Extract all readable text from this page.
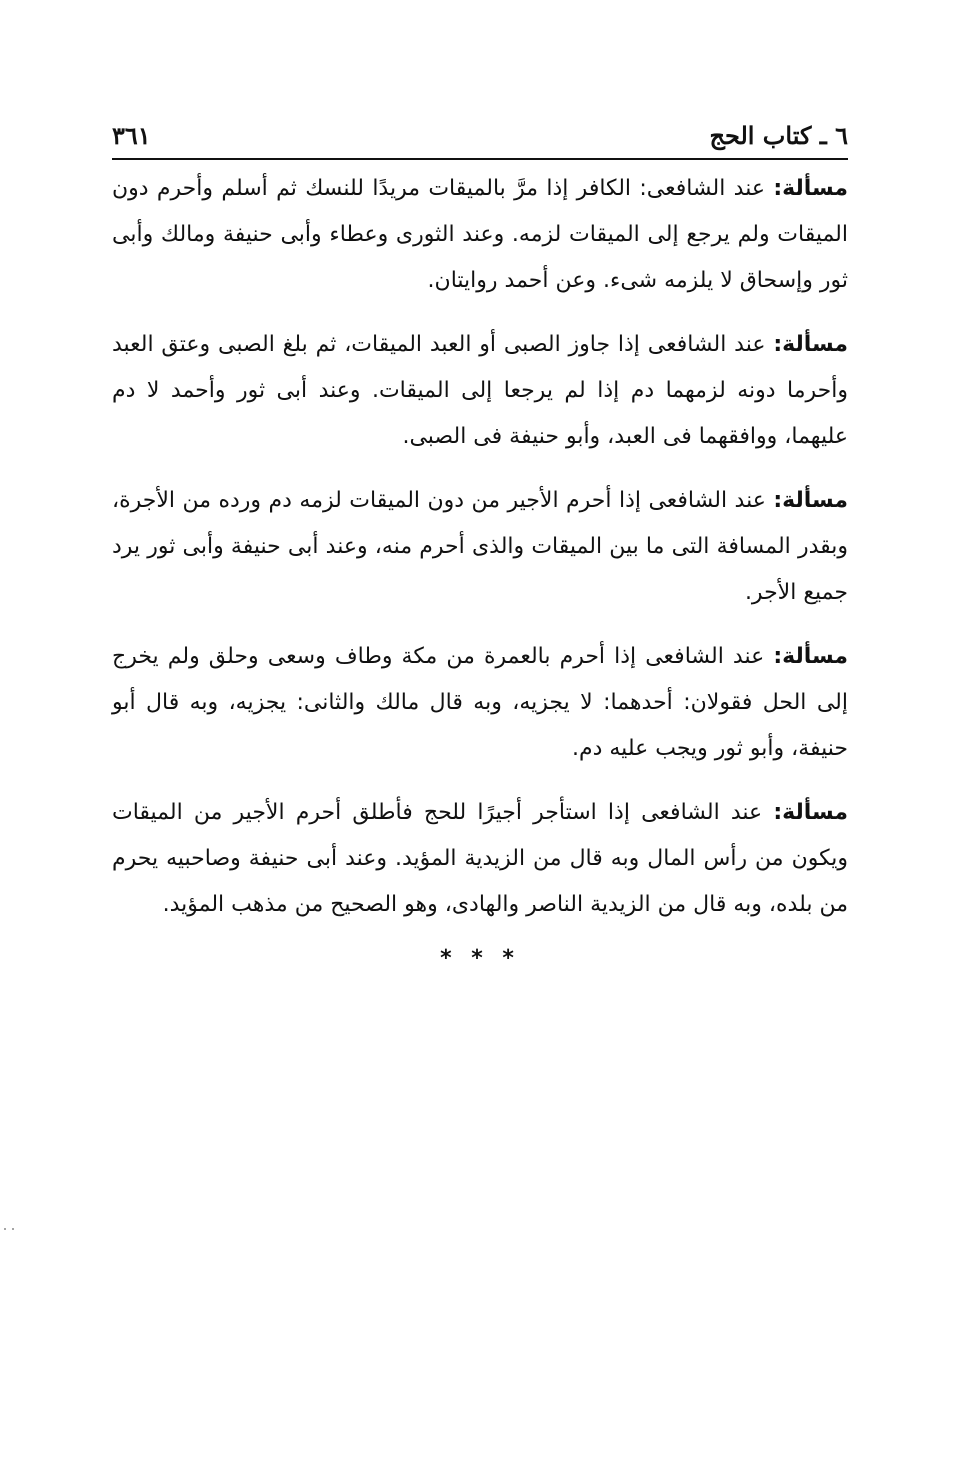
٣٦١	٦ ـ كتاب الحج

مسألة: عند الشافعى: الكافر إذا مرَّ بالميقات مريدًا للنسك ثم أسلم وأحرم دون الميقات ولم يرجع إلى الميقات لزمه. وعند الثورى وعطاء وأبى حنيفة ومالك وأبى ثور وإسحاق لا يلزمه شىء. وعن أحمد روايتان.

مسألة: عند الشافعى إذا جاوز الصبى أو العبد الميقات، ثم بلغ الصبى وعتق العبد وأحرما دونه لزمهما دم إذا لم يرجعا إلى الميقات. وعند أبى ثور وأحمد لا دم عليهما، ووافقهما فى العبد، وأبو حنيفة فى الصبى.

مسألة: عند الشافعى إذا أحرم الأجير من دون الميقات لزمه دم ورده من الأجرة، وبقدر المسافة التى ما بين الميقات والذى أحرم منه، وعند أبى حنيفة وأبى ثور يرد جميع الأجر.

مسألة: عند الشافعى إذا أحرم بالعمرة من مكة وطاف وسعى وحلق ولم يخرج إلى الحل فقولان: أحدهما: لا يجزيه، وبه قال مالك والثانى: يجزيه، وبه قال أبو حنيفة، وأبو ثور ويجب عليه دم.

مسألة: عند الشافعى إذا استأجر أجيرًا للحج فأطلق أحرم الأجير من الميقات ويكون من رأس المال وبه قال من الزيدية المؤيد. وعند أبى حنيفة وصاحبيه يحرم من بلده، وبه قال من الزيدية الناصر والهادى، وهو الصحيح من مذهب المؤيد.

* * *
